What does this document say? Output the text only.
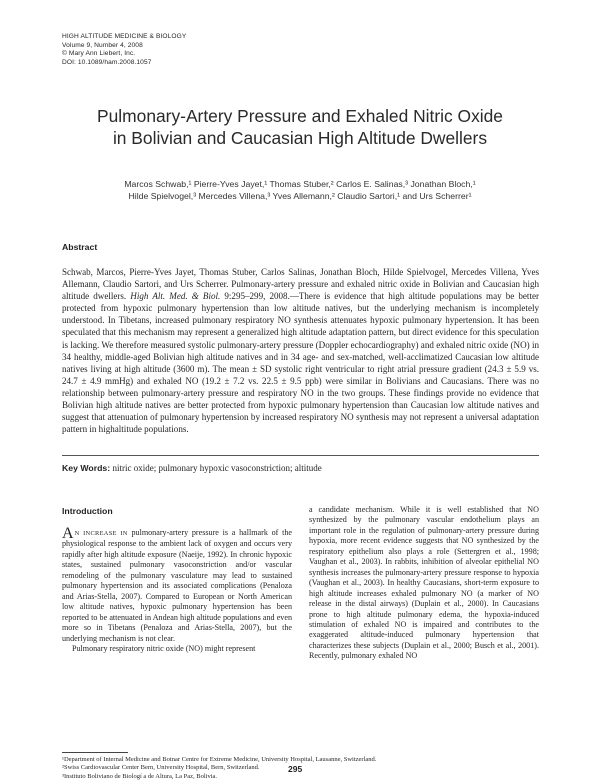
HIGH ALTITUDE MEDICINE & BIOLOGY
Volume 9, Number 4, 2008
© Mary Ann Liebert, Inc.
DOI: 10.1089/ham.2008.1057
Pulmonary-Artery Pressure and Exhaled Nitric Oxide
in Bolivian and Caucasian High Altitude Dwellers
Marcos Schwab,¹ Pierre-Yves Jayet,¹ Thomas Stuber,² Carlos E. Salinas,³ Jonathan Bloch,¹
Hilde Spielvogel,³ Mercedes Villena,³ Yves Allemann,² Claudio Sartori,¹ and Urs Scherrer¹
Abstract
Schwab, Marcos, Pierre-Yves Jayet, Thomas Stuber, Carlos Salinas, Jonathan Bloch, Hilde Spielvogel, Mercedes Villena, Yves Allemann, Claudio Sartori, and Urs Scherrer. Pulmonary-artery pressure and exhaled nitric oxide in Bolivian and Caucasian high altitude dwellers. High Alt. Med. & Biol. 9:295–299, 2008.—There is evidence that high altitude populations may be better protected from hypoxic pulmonary hypertension than low altitude natives, but the underlying mechanism is incompletely understood. In Tibetans, increased pulmonary respiratory NO synthesis attenuates hypoxic pulmonary hypertension. It has been speculated that this mechanism may represent a generalized high altitude adaptation pattern, but direct evidence for this speculation is lacking. We therefore measured systolic pulmonary-artery pressure (Doppler echocardiography) and exhaled nitric oxide (NO) in 34 healthy, middle-aged Bolivian high altitude natives and in 34 age- and sex-matched, well-acclimatized Caucasian low altitude natives living at high altitude (3600 m). The mean ± SD systolic right ventricular to right atrial pressure gradient (24.3 ± 5.9 vs. 24.7 ± 4.9 mmHg) and exhaled NO (19.2 ± 7.2 vs. 22.5 ± 9.5 ppb) were similar in Bolivians and Caucasians. There was no relationship between pulmonary-artery pressure and respiratory NO in the two groups. These findings provide no evidence that Bolivian high altitude natives are better protected from hypoxic pulmonary hypertension than Caucasian low altitude natives and suggest that attenuation of pulmonary hypertension by increased respiratory NO synthesis may not represent a universal adaptation pattern in highaltitude populations.
Key Words: nitric oxide; pulmonary hypoxic vasoconstriction; altitude
Introduction

A N INCREASE IN pulmonary-artery pressure is a hallmark of the physiological response to the ambient lack of oxygen and occurs very rapidly after high altitude exposure (Naeije, 1992). In chronic hypoxic states, sustained pulmonary vasoconstriction and/or vascular remodeling of the pulmonary vasculature may lead to sustained pulmonary hypertension and its associated complications (Penaloza and Arias-Stella, 2007). Compared to European or North American low altitude natives, hypoxic pulmonary hypertension has been reported to be attenuated in Andean high altitude populations and even more so in Tibetans (Penaloza and Arias-Stella, 2007), but the underlying mechanism is not clear.

Pulmonary respiratory nitric oxide (NO) might represent

a candidate mechanism. While it is well established that NO synthesized by the pulmonary vascular endothelium plays an important role in the regulation of pulmonary-artery pressure during hypoxia, more recent evidence suggests that NO synthesized by the respiratory epithelium also plays a role (Settergren et al., 1998; Vaughan et al., 2003). In rabbits, inhibition of alveolar epithelial NO synthesis increases the pulmonary-artery pressure response to hypoxia (Vaughan et al., 2003). In healthy Caucasians, short-term exposure to high altitude increases exhaled pulmonary NO (a marker of NO release in the distal airways) (Duplain et al., 2000). In Caucasians prone to high altitude pulmonary edema, the hypoxia-induced stimulation of exhaled NO is impaired and contributes to the exaggerated altitude-induced pulmonary hypertension that characterizes these subjects (Duplain et al., 2000; Busch et al., 2001). Recently, pulmonary exhaled NO

¹Department of Internal Medicine and Botnar Centre for Extreme Medicine, University Hospital, Lausanne, Switzerland.
²Swiss Cardiovascular Center Bern, University Hospital, Bern, Switzerland.
³Instituto Boliviano de Biologí a de Altura, La Paz, Bolivia.
295
